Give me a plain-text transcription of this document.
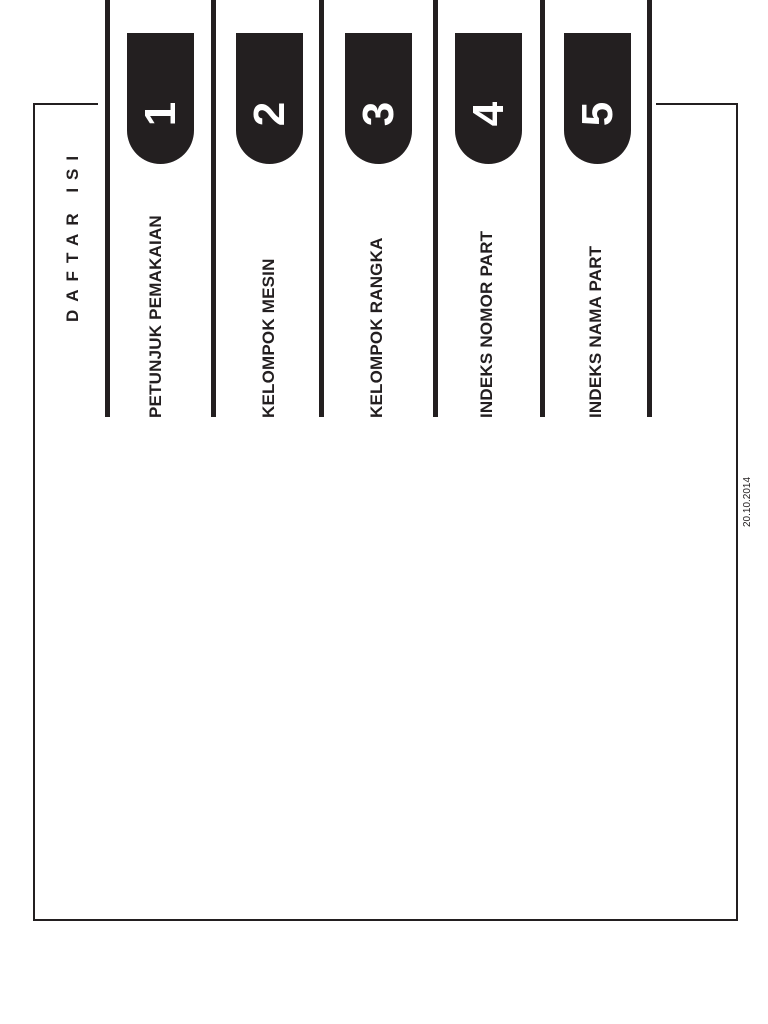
DAFTAR ISI
1
PETUNJUK PEMAKAIAN
2
KELOMPOK MESIN
3
KELOMPOK RANGKA
4
INDEKS NOMOR PART
5
INDEKS NAMA PART
20.10.2014
